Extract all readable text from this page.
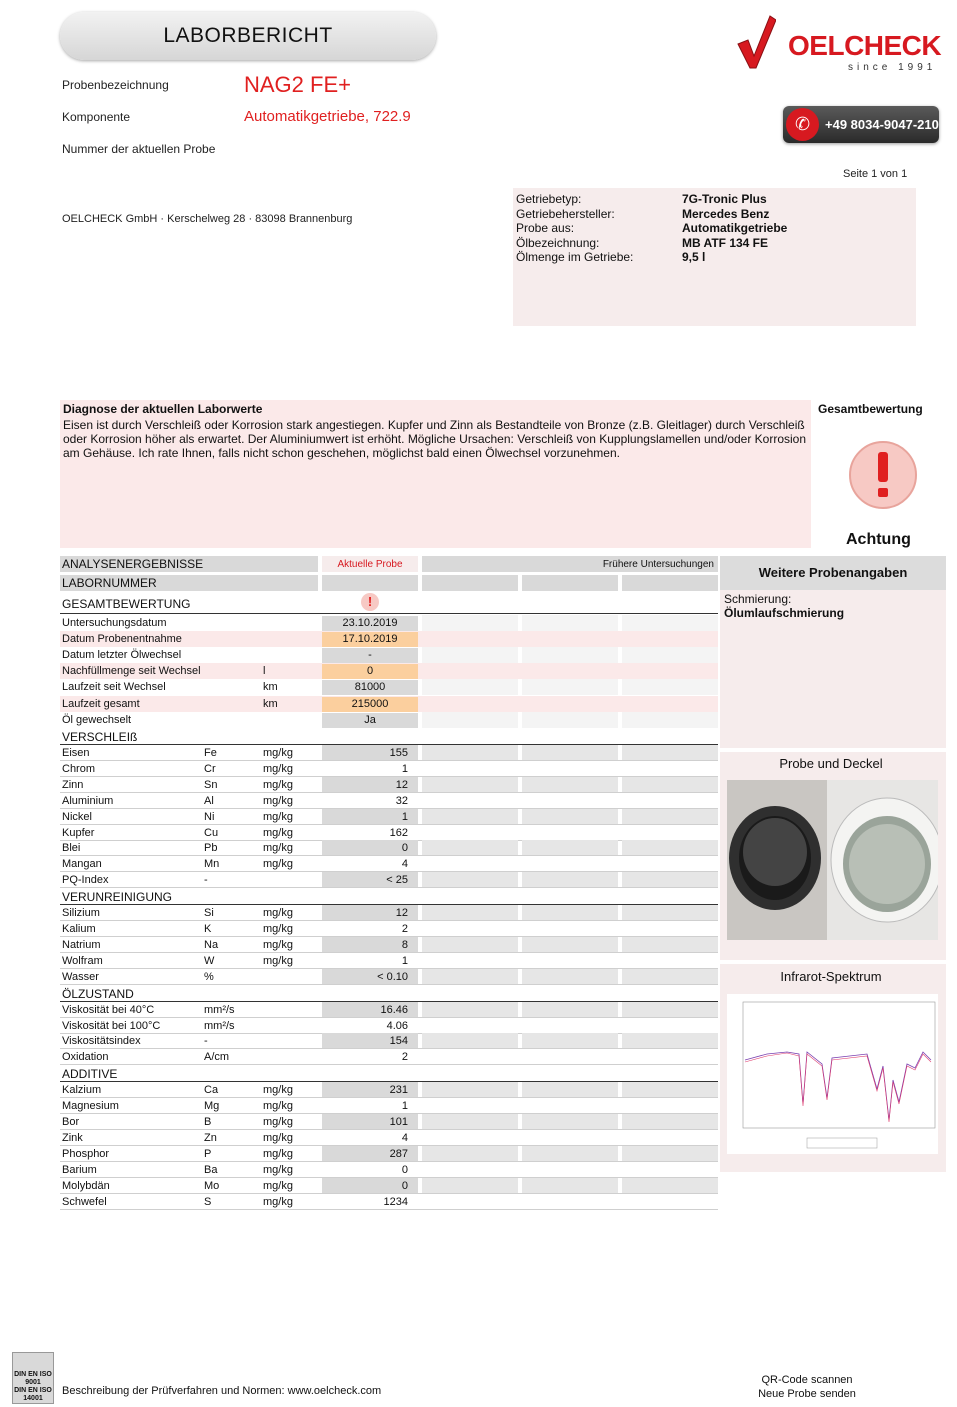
LABORBERICHT
Probenbezeichnung	NAG2 FE+
Komponente	Automatikgetriebe, 722.9
Nummer der aktuellen Probe
OELCHECK
since 1991
+49 8034-9047-210
✆
Seite 1 von 1
OELCHECK GmbH · Kerschelweg 28 · 83098 Brannenburg
Getriebetyp:	7G-Tronic Plus
Getriebehersteller:	Mercedes Benz
Probe aus:	Automatikgetriebe
Ölbezeichnung:	MB ATF 134 FE
Ölmenge im Getriebe:	9,5 l
Diagnose der aktuellen Laborwerte
Eisen ist durch Verschleiß oder Korrosion stark angestiegen. Kupfer und Zinn als Bestandteile von Bronze (z.B. Gleitlager) durch Verschleiß oder Korrosion höher als erwartet. Der Aluminiumwert ist erhöht. Mögliche Ursachen: Verschleiß von Kupplungslamellen und/oder Korrosion am Gehäuse. Ich rate Ihnen, falls nicht schon geschehen, möglichst bald einen Ölwechsel vorzunehmen.
Gesamtbewertung
Achtung
ANALYSENERGEBNISSE	Aktuelle Probe	Frühere Untersuchungen
LABORNUMMER
GESAMTBEWERTUNG	!
Untersuchungsdatum	23.10.2019
Datum Probenentnahme	17.10.2019
Datum letzter Ölwechsel	-
Nachfüllmenge seit Wechsel	l	0
Laufzeit seit Wechsel	km	81000
Laufzeit gesamt	km	215000
Öl gewechselt	Ja
VERSCHLEIß
Eisen	Fe	mg/kg	155
Chrom	Cr	mg/kg	1
Zinn	Sn	mg/kg	12
Aluminium	Al	mg/kg	32
Nickel	Ni	mg/kg	1
Kupfer	Cu	mg/kg	162
Blei	Pb	mg/kg	0
Mangan	Mn	mg/kg	4
PQ-Index	-	< 25
VERUNREINIGUNG
Silizium	Si	mg/kg	12
Kalium	K	mg/kg	2
Natrium	Na	mg/kg	8
Wolfram	W	mg/kg	1
Wasser	%	< 0.10
ÖLZUSTAND
Viskosität bei 40°C	mm²/s	16.46
Viskosität bei 100°C	mm²/s	4.06
Viskositätsindex	-	154
Oxidation	A/cm	2
ADDITIVE
Kalzium	Ca	mg/kg	231
Magnesium	Mg	mg/kg	1
Bor	B	mg/kg	101
Zink	Zn	mg/kg	4
Phosphor	P	mg/kg	287
Barium	Ba	mg/kg	0
Molybdän	Mo	mg/kg	0
Schwefel	S	mg/kg	1234
Weitere Probenangaben
Schmierung:
Ölumlaufschmierung
Probe und Deckel
Infrarot-Spektrum
DIN EN ISO 9001
DIN EN ISO 14001
Beschreibung der Prüfverfahren und Normen: www.oelcheck.com
QR-Code scannen
Neue Probe senden
